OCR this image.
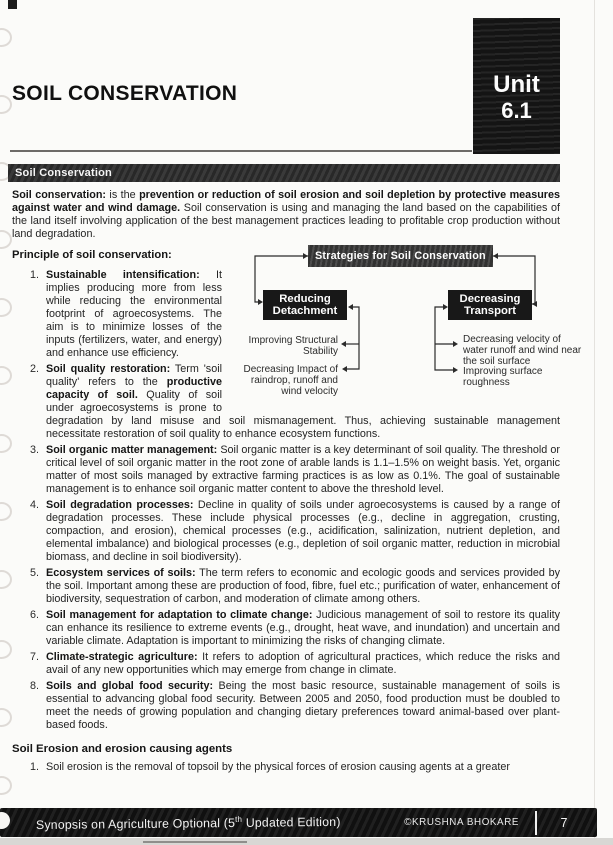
SOIL CONSERVATION	Unit
6.1
Soil Conservation

Soil conservation: is the prevention or reduction of soil erosion and soil depletion by protective measures against water and wind damage. Soil conservation is using and managing the land based on the capabilities of the land itself involving application of the best management practices leading to profitable crop production without land degradation.

Strategies for Soil Conservation
Reducing Detachment
Decreasing Transport
Improving Structural Stability
Decreasing Impact of raindrop, runoff and wind velocity
Decreasing velocity of water runoff and wind near the soil surface
Improving surface roughness
Principle of soil conservation:
1. Sustainable intensification: It implies producing more from less while reducing the environmental footprint of agroecosystems. The aim is to minimize losses of the inputs (fertilizers, water, and energy) and enhance use efficiency.
2. Soil quality restoration: Term 'soil quality' refers to the productive capacity of soil. Quality of soil under agroecosystems is prone to degradation by land misuse and soil mismanagement. Thus, achieving sustainable management necessitate restoration of soil quality to enhance ecosystem functions.
3. Soil organic matter management: Soil organic matter is a key determinant of soil quality. The threshold or critical level of soil organic matter in the root zone of arable lands is 1.1–1.5% on weight basis. Yet, organic matter of most soils managed by extractive farming practices is as low as 0.1%. The goal of sustainable management is to enhance soil organic matter content to above the threshold level.
4. Soil degradation processes: Decline in quality of soils under agroecosystems is caused by a range of degradation processes. These include physical processes (e.g., decline in aggregation, crusting, compaction, and erosion), chemical processes (e.g., acidification, salinization, nutrient depletion, and elemental imbalance) and biological processes (e.g., depletion of soil organic matter, reduction in microbial biomass, and decline in soil biodiversity).
5. Ecosystem services of soils: The term refers to economic and ecologic goods and services provided by the soil. Important among these are production of food, fibre, fuel etc.; purification of water, enhancement of biodiversity, sequestration of carbon, and moderation of climate among others.
6. Soil management for adaptation to climate change: Judicious management of soil to restore its quality can enhance its resilience to extreme events (e.g., drought, heat wave, and inundation) and uncertain and variable climate. Adaptation is important to minimizing the risks of changing climate.
7. Climate-strategic agriculture: It refers to adoption of agricultural practices, which reduce the risks and avail of any new opportunities which may emerge from change in climate.
8. Soils and global food security: Being the most basic resource, sustainable management of soils is essential to advancing global food security. Between 2005 and 2050, food production must be doubled to meet the needs of growing population and changing dietary preferences toward animal-based over plant-based foods.
Soil Erosion and erosion causing agents
1. Soil erosion is the removal of topsoil by the physical forces of erosion causing agents at a greater
Synopsis on Agriculture Optional (5th Updated Edition)	©KRUSHNA BHOKARE	7
